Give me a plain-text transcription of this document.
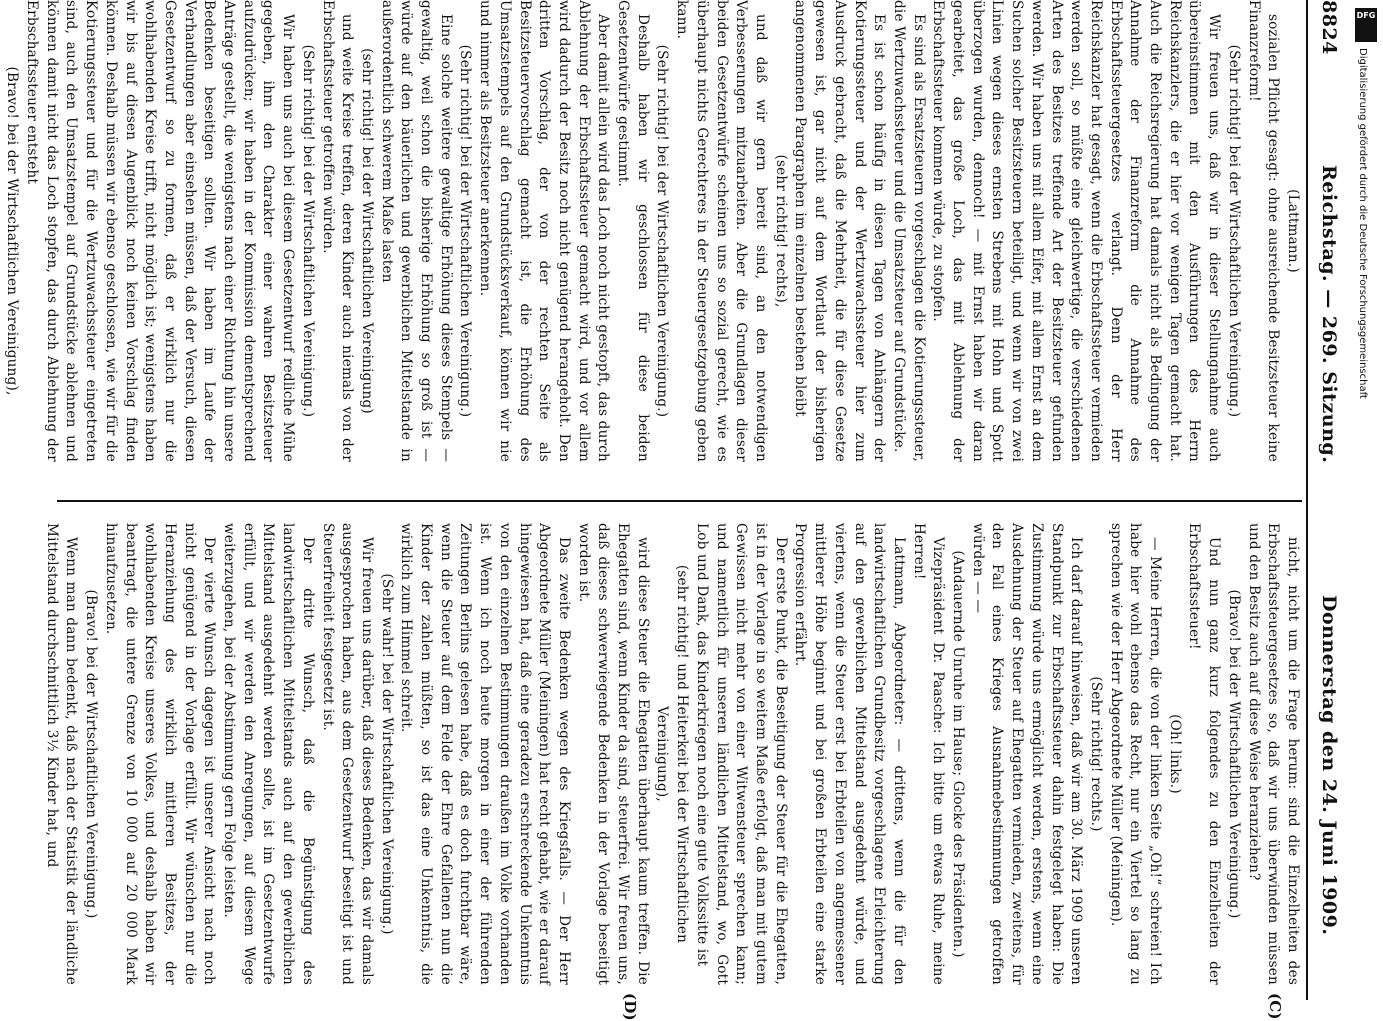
8824
Reichstag. — 269. Sitzung.
Donnerstag den 24. Juni 1909.

(Lattmann.)

sozialen Pflicht gesagt: ohne ausreichende Besitzsteuer keine Finanzreform!

(Sehr richtig! bei der Wirtschaftlichen Vereinigung.)

Wir freuen uns, daß wir in dieser Stellungnahme auch übereinstimmen mit den Ausführungen des Herrn Reichskanzlers, die er hier vor wenigen Tagen gemacht hat. Auch die Reichsregierung hat damals nicht als Bedingung der Annahme der Finanzreform die Annahme des Erbschaftssteuergesetzes verlangt. Denn der Herr Reichskanzler hat gesagt, wenn die Erbschaftssteuer vermieden werden soll, so müßte eine gleichwertige, die verschiedenen Arten des Besitzes treffende Art der Besitzsteuer gefunden werden. Wir haben uns mit allem Eifer, mit allem Ernst an dem Suchen solcher Besitzsteuern beteiligt, und wenn wir von zwei Linien wegen dieses ernsten Strebens mit Hohn und Spott überzogen wurden, dennoch! — mit Ernst haben wir daran gearbeitet, das große Loch, das mit Ablehnung der Erbschaftssteuer kommen würde, zu stopfen.

Es sind als Ersatzsteuern vorgeschlagen die Kotierungssteuer, die Wertzuwachssteuer und die Umsatzsteuer auf Grundstücke.

Es ist schon häufig in diesen Tagen von Anhängern der Kotierungssteuer und der Wertzuwachssteuer hier zum Ausdruck gebracht, daß die Mehrheit, die für diese Gesetze gewesen ist, gar nicht auf dem Wortlaut der bisherigen angenommenen Paragraphen im einzelnen bestehen bleibt

(sehr richtig! rechts),

und daß wir gern bereit sind, an den notwendigen Verbesserungen mitzuarbeiten. Aber die Grundlagen dieser beiden Gesetzentwürfe scheinen uns so sozial gerecht, wie es überhaupt nichts Gerechteres in der Steuergesetzgebung geben kann.

(Sehr richtig! bei der Wirtschaftlichen Vereinigung.)

Deshalb haben wir geschlossen für diese beiden Gesetzentwürfe gestimmt.

Aber damit allein wird das Loch noch nicht gestopft, das durch Ablehnung der Erbschaftssteuer gemacht wird, und vor allem wird dadurch der Besitz noch nicht genügend herangeholt. Den dritten Vorschlag, der von der rechten Seite als Besitzsteuervorschlag gemacht ist, die Erhöhung des Umsatzstempels auf den Grundstücksverkauf, können wir nie und nimmer als Besitzsteuer anerkennen.

(Sehr richtig! bei der Wirtschaftlichen Vereinigung.)

Eine solche weitere gewaltige Erhöhung dieses Stempels — gewaltig, weil schon die bisherige Erhöhung so groß ist — würde auf den bäuerlichen und gewerblichen Mittelstande in außerordentlich schwerem Maße lasten

(sehr richtig! bei der Wirtschaftlichen Vereinigung)

und weite Kreise treffen, deren Kinder auch niemals von der Erbschaftssteuer getroffen würden.

(Sehr richtig! bei der Wirtschaftlichen Vereinigung.)

Wir haben uns auch bei diesem Gesetzentwurf redliche Mühe gegeben, ihm den Charakter einer wahren Besitzsteuer aufzudrücken; wir haben in der Kommission dementsprechend Anträge gestellt, die wenigstens nach einer Richtung hin unsere Bedenken beseitigen sollten. Wir haben im Laufe der Verhandlungen aber einsehen müssen, daß der Versuch, diesen Gesetzentwurf so zu formen, daß er wirklich nur die wohlhabenden Kreise trifft, nicht möglich ist; wenigstens haben wir bis auf diesen Augenblick noch keinen Vorschlag finden können. Deshalb müssen wir ebenso geschlossen, wie wir für die Kotierungssteuer und für die Wertzuwachssteuer eingetreten sind, auch den Umsatzstempel auf Grundstücke ablehnen und können damit nicht das Loch stopfen, das durch Ablehnung der Erbschaftssteuer entsteht

(Bravo! bei der Wirtschaftlichen Vereinigung),

(C)
(D)

nicht, nicht um die Frage herum: sind die Einzelheiten des Erbschaftssteuergesetzes so, daß wir uns überwinden müssen und den Besitz auch auf diese Weise heranziehen?

(Bravo! bei der Wirtschaftlichen Vereinigung.)

Und nun ganz kurz folgendes zu den Einzelheiten der Erbschaftssteuer!

(Oh! links.)

— Meine Herren, die von der linken Seite „Oh!“ schreien! Ich habe hier wohl ebenso das Recht, nur ein Viertel so lang zu sprechen wie der Herr Abgeordnete Müller (Meiningen).

(Sehr richtig! rechts.)

Ich darf darauf hinweisen, daß wir am 30. März 1909 unseren Standpunkt zur Erbschaftssteuer dahin festgelegt haben: Die Zustimmung würde uns ermöglicht werden, erstens, wenn eine Ausdehnung der Steuer auf Ehegatten vermieden, zweitens, für den Fall eines Krieges Ausnahmebestimmungen getroffen würden — —

(Andauernde Unruhe im Hause; Glocke des Präsidenten.)

Vizepräsident Dr. Paasche: Ich bitte um etwas Ruhe, meine Herren!

Lattmann, Abgeordneter: — drittens, wenn die für den landwirtschaftlichen Grundbesitz vorgeschlagene Erleichterung auf den gewerblichen Mittelstand ausgedehnt würde, und viertens, wenn die Steuer erst bei Erbteilen von angemessener mittlerer Höhe beginnt und bei großen Erbteilen eine starke Progression erfährt.

Der erste Punkt, die Beseitigung der Steuer für die Ehegatten, ist in der Vorlage in so weitem Maße erfolgt, daß man mit gutem Gewissen nicht mehr von einer Witwensteuer sprechen kann; und namentlich für unseren ländlichen Mittelstand, wo, Gott Lob und Dank, das Kinderkriegen noch eine gute Volkssitte ist

(sehr richtig! und Heiterkeit bei der Wirtschaftlichen Vereinigung),

wird diese Steuer die Ehegatten überhaupt kaum treffen. Die Ehegatten sind, wenn Kinder da sind, steuerfrei. Wir freuen uns, daß dieses schwerwiegende Bedenken in der Vorlage beseitigt worden ist.

Das zweite Bedenken wegen des Kriegsfalls. — Der Herr Abgeordnete Müller (Meiningen) hat recht gehabt, wie er darauf hingewiesen hat, daß eine geradezu erschreckende Unkenntnis von den einzelnen Bestimmungen draußen im Volke vorhanden ist. Wenn ich noch heute morgen in einer der führenden Zeitungen Berlins gelesen habe, daß es doch furchtbar wäre, wenn die Steuer auf dem Felde der Ehre Gefallenen nun die Kinder der zahlen müßten, so ist das eine Unkenntnis, die wirklich zum Himmel schreit.

(Sehr wahr! bei der Wirtschaftlichen Vereinigung.)

Wir freuen uns darüber, daß dieses Bedenken, das wir damals ausgesprochen haben, aus dem Gesetzentwurf beseitigt ist und Steuerfreiheit festgesetzt ist.

Der dritte Wunsch, daß die Begünstigung des landwirtschaftlichen Mittelstands auch auf den gewerblichen Mittelstand ausgedehnt werden sollte, ist im Gesetzentwurfe erfüllt, und wir werden den Anregungen, auf diesem Wege weiterzugehen, bei der Abstimmung gern Folge leisten.

Der vierte Wunsch dagegen ist unserer Ansicht nach noch nicht genügend in der Vorlage erfüllt. Wir wünschen nur die Heranziehung des wirklich mittleren Besitzes, der wohlhabenden Kreise unseres Volkes, und deshalb haben wir beantragt, die untere Grenze von 10 000 auf 20 000 Mark hinaufzusetzen.

(Bravo! bei der Wirtschaftlichen Vereinigung.)

Wenn man dann bedenkt, daß nach der Statistik der ländliche Mittelstand durchschnittlich 3½ Kinder hat, und

DFG
Digitalisierung gefördert durch die Deutsche Forschungsgemeinschaft
